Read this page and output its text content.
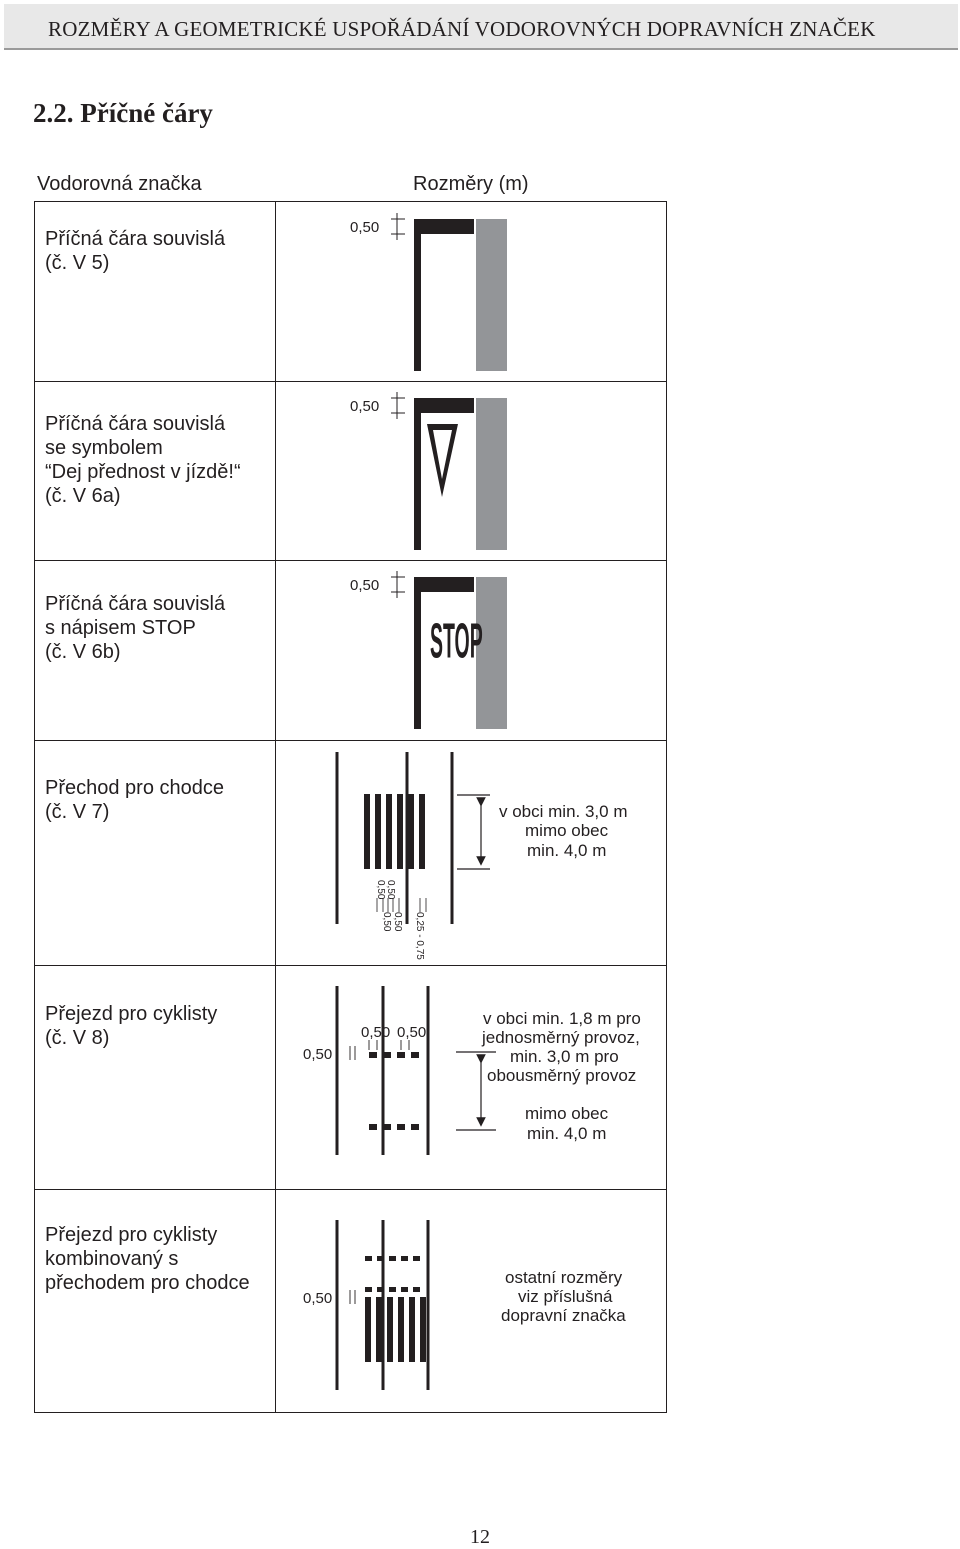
ROZMĚRY A GEOMETRICKÉ USPOŘÁDÁNÍ VODOROVNÝCH DOPRAVNÍCH ZNAČEK
2.2. Příčné čáry
Vodorovná značka	Rozměry (m)
Příčná čára souvislá
(č. V 5)
Příčná čára souvislá
se symbolem
“Dej přednost v jízdě!“
(č. V 6a)
Příčná čára souvislá
s nápisem STOP
(č. V 6b)
Přechod pro chodce
(č. V 7)
Přejezd pro cyklisty
(č. V 8)
Přejezd pro cyklisty
kombinovaný s
přechodem pro chodce
0,50
0,50
STOP
0,50
v obci min. 3,0 m
mimo obec
min. 4,0 m
0,50 0,50
0,50 0,50 0,25 - 0,75
0,50
0,50 0,50
v obci min. 1,8 m pro
jednosměrný provoz,
min. 3,0 m pro
obousměrný provoz
mimo obec
min. 4,0 m
0,50
ostatní rozměry
viz příslušná
dopravní značka
12
